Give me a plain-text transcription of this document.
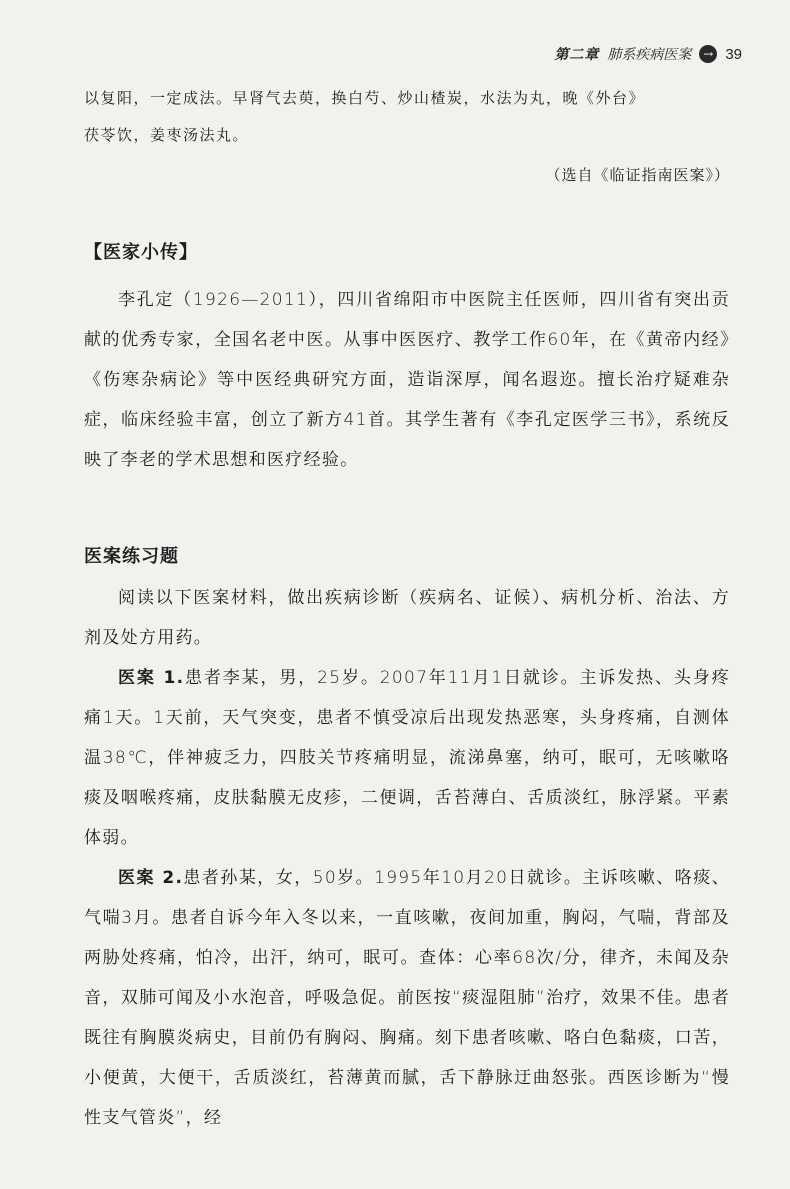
第二章 肺系疾病医案 → 39

以复阳，一定成法。早肾气去萸，换白芍、炒山楂炭，水法为丸，晚《外台》

茯苓饮，姜枣汤法丸。

（选自《临证指南医案》）

【医家小传】

李孔定（1926—2011），四川省绵阳市中医院主任医师，四川省有突出贡献的优秀专家，全国名老中医。从事中医医疗、教学工作60年，在《黄帝内经》《伤寒杂病论》等中医经典研究方面，造诣深厚，闻名遐迩。擅长治疗疑难杂症，临床经验丰富，创立了新方41首。其学生著有《李孔定医学三书》，系统反映了李老的学术思想和医疗经验。

医案练习题

阅读以下医案材料，做出疾病诊断（疾病名、证候）、病机分析、治法、方剂及处方用药。

医案 1.患者李某，男，25岁。2007年11月1日就诊。主诉发热、头身疼痛1天。1天前，天气突变，患者不慎受凉后出现发热恶寒，头身疼痛，自测体温38℃，伴神疲乏力，四肢关节疼痛明显，流涕鼻塞，纳可，眠可，无咳嗽咯痰及咽喉疼痛，皮肤黏膜无皮疹，二便调，舌苔薄白、舌质淡红，脉浮紧。平素体弱。

医案 2.患者孙某，女，50岁。1995年10月20日就诊。主诉咳嗽、咯痰、气喘3月。患者自诉今年入冬以来，一直咳嗽，夜间加重，胸闷，气喘，背部及两胁处疼痛，怕冷，出汗，纳可，眠可。查体：心率68次/分，律齐，未闻及杂音，双肺可闻及小水泡音，呼吸急促。前医按“痰湿阻肺”治疗，效果不佳。患者既往有胸膜炎病史，目前仍有胸闷、胸痛。刻下患者咳嗽、咯白色黏痰，口苦，小便黄，大便干，舌质淡红，苔薄黄而腻，舌下静脉迂曲怒张。西医诊断为“慢性支气管炎”，经
